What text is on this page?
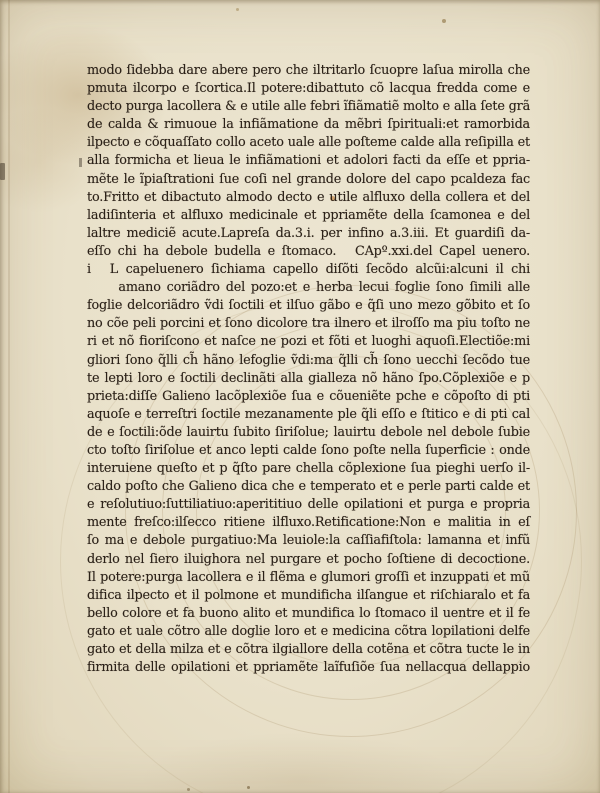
modo ſidebba dare abere pero che iltritarlo ſcuopre laſua mirolla che
pmuta ilcorpo e ſcortica.Il potere:dibattuto cõ lacqua fredda come e
decto purga lacollera & e utile alle febri ĩfiãmatiẽ molto e alla ſete grã
de calda & rimuoue la infiãmatione da mẽbri ſpirituali:et ramorbida
ilpecto e cõquaſſato collo aceto uale alle poſteme calde alla reſipilla et
alla formicha et lieua le infiãmationi et adolori facti da eſſe et ppria‐
mẽte le ĩpiaſtrationi ſue coſi nel grande dolore del capo pcaldeza fac
to.Fritto et dibactuto almodo decto e utile alfluxo della collera et del
ladiſinteria et alfluxo medicinale et ppriamẽte della ſcamonea e del
laltre mediciẽ acute.Lapreſa da.3.i. per infino a.3.iii. Et guardiſi da‐
eſſo chi ha debole budella e ſtomaco.  CApº.xxi.del Capel uenero.
i  L capeluenero ſichiama capello diſõti ſecõdo alcũi:alcuni il chi
   amano coriãdro del pozo:et e herba lecui foglie ſono ſimili alle
foglie delcoriãdro ṽdi ſoctili et ilſuo gãbo e q̃ſi uno mezo gõbito et ſo
no cõe peli porcini et ſono dicolore tra ilnero et ilroſſo ma piu toſto ne
ri et nõ fioriſcono et naſce ne pozi et fõti et luoghi aquoſi.Electiõe:mi
gliori ſono q̃lli ch̃ hãno lefoglie ṽdi:ma q̃lli ch̃ ſono uecchi ſecõdo tue
te lepti loro e ſoctili declinãti alla gialleza nõ hãno ſpo.Cõplexiõe e p
prieta:diſſe Galieno lacõplexiõe ſua e cõueniẽte pche e cõpoſto di pti
aquoſe e terreſtri ſoctile mezanamente ple q̃li eſſo e ſtitico e di pti cal
de e ſoctili:õde lauirtu ſubito ſiriſolue; lauirtu debole nel debole ſubie
cto toſto ſiriſolue et anco lepti calde ſono poſte nella ſuperficie : onde
interuiene queſto et p q̃ſto pare chella cõplexione ſua pieghi uerſo il‐
caldo poſto che Galieno dica che e temperato et e perle parti calde et
e reſolutiuo:ſuttiliatiuo:aperititiuo delle opilationi et purga e propria
mente freſco:ilſecco ritiene ilfluxo.Retificatione:Non e malitia in eſ
ſo ma e debole purgatiuo:Ma leuiole:la caſſiafiſtola: lamanna et infũ
derlo nel ſiero iluighora nel purgare et pocho ſoſtiene di decoctione.
Il potere:purga lacollera e il flẽma e glumori groſſi et inzuppati et mũ
difica ilpecto et il polmone et mundificha ilſangue et riſchiaralo et fa
bello colore et fa buono alito et mundifica lo ſtomaco il uentre et il fe
gato et uale cõtro alle doglie loro et e medicina cõtra lopilationi delfe
gato et della milza et e cõtra ilgiallore della cotẽna et cõtra tucte le in
firmita delle opilationi et ppriamẽte laĩfuſiõe ſua nellacqua dellappio
